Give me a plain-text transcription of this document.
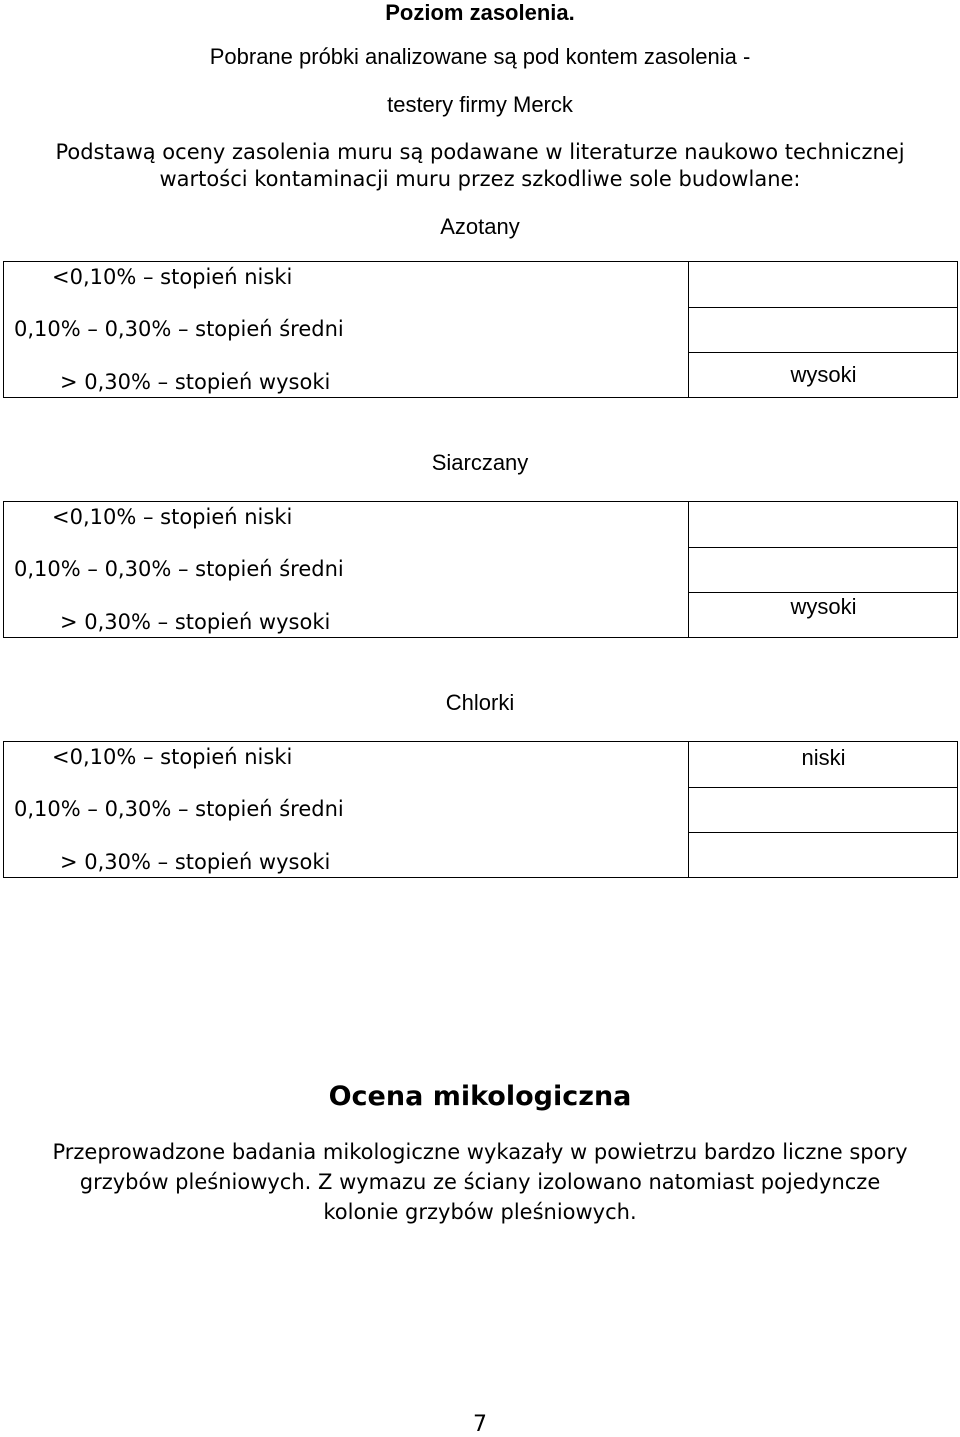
Poziom zasolenia.
Pobrane próbki analizowane są pod kontem zasolenia -
testery firmy Merck
Podstawą oceny zasolenia muru są podawane w literaturze naukowo technicznej
wartości kontaminacji muru przez szkodliwe sole budowlane:
Azotany
<0,10% – stopień niski
0,10% – 0,30% – stopień średni
> 0,30% – stopień wysoki	wysoki
Siarczany
<0,10% – stopień niski
0,10% – 0,30% – stopień średni
> 0,30% – stopień wysoki
wysoki
Chlorki
<0,10% – stopień niski
0,10% – 0,30% – stopień średni
> 0,30% – stopień wysoki
niski
Ocena mikologiczna
Przeprowadzone badania mikologiczne wykazały w powietrzu bardzo liczne spory
grzybów pleśniowych. Z wymazu ze ściany izolowano natomiast pojedyncze
kolonie grzybów pleśniowych.
7
